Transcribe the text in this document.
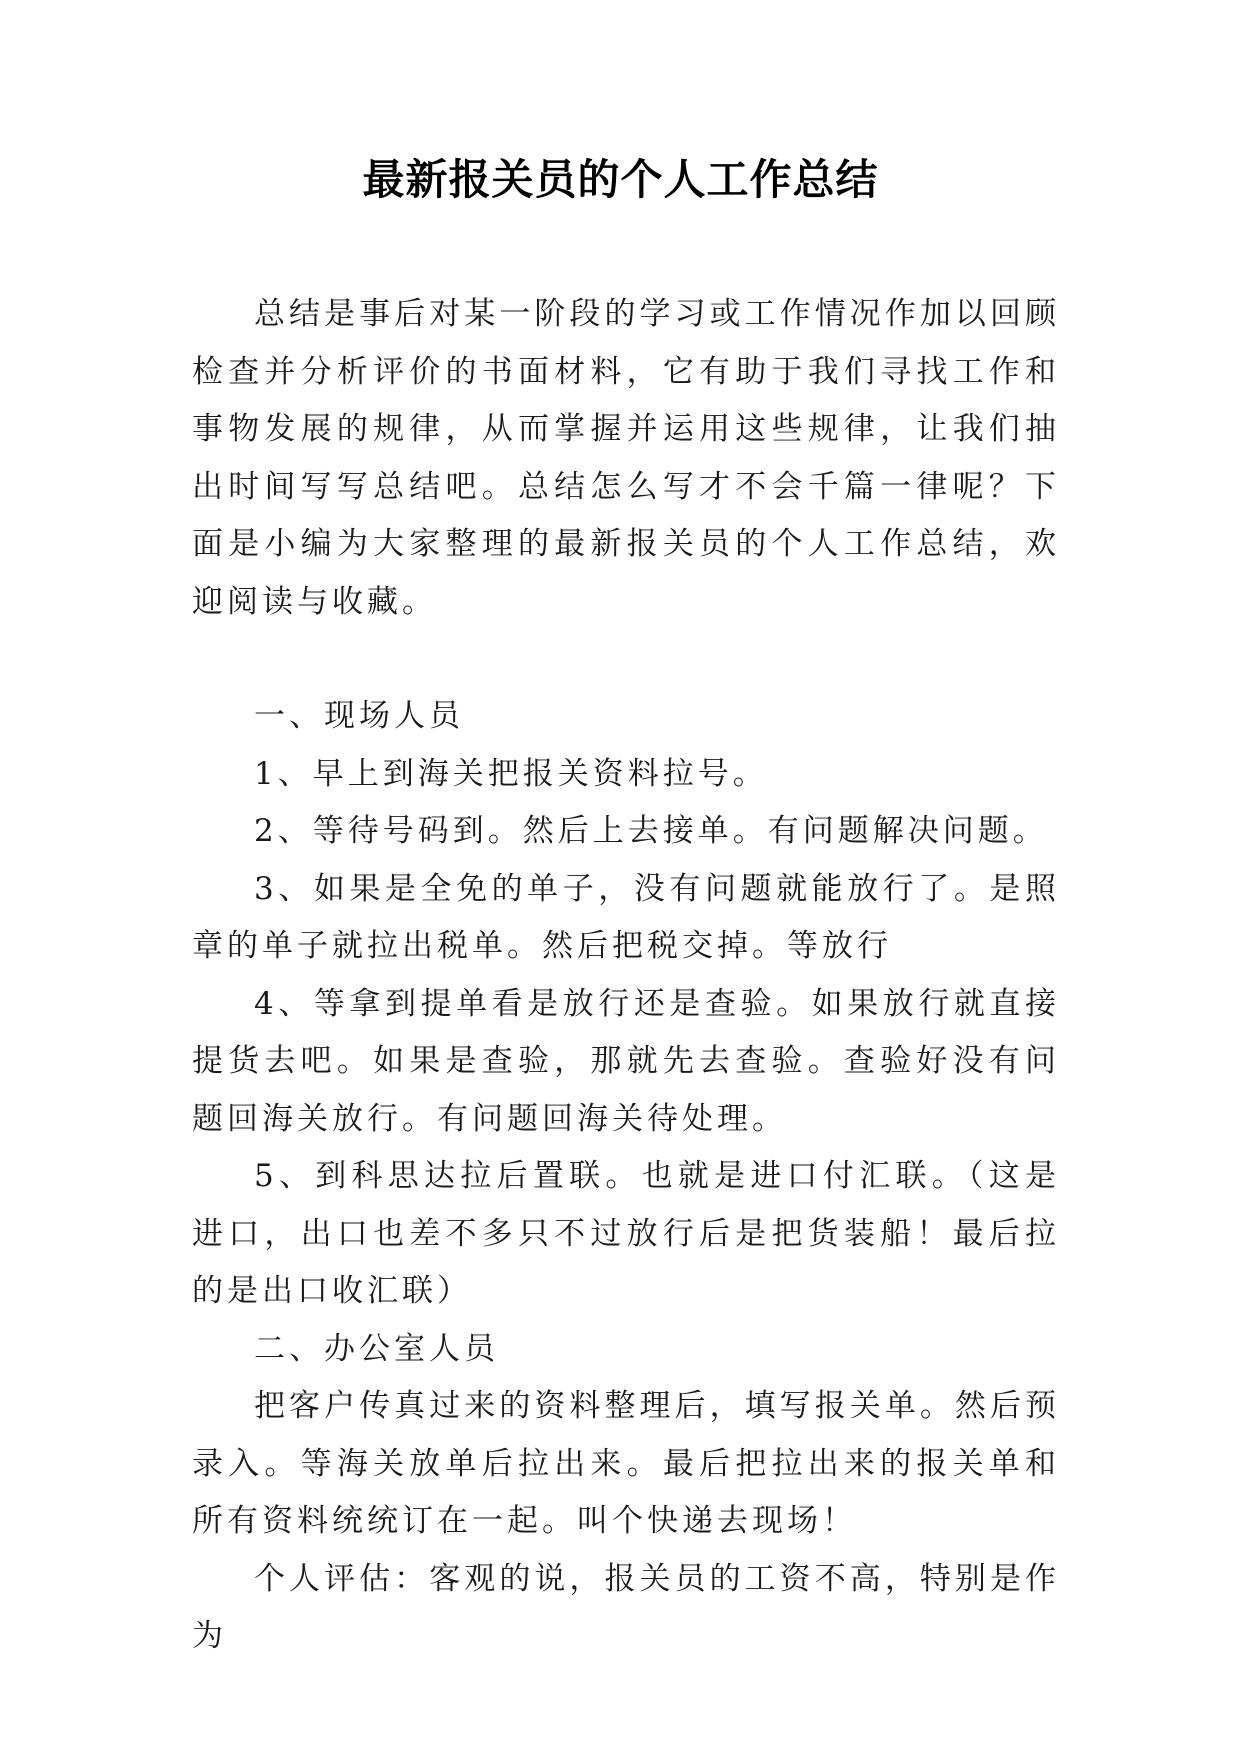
最新报关员的个人工作总结

总结是事后对某一阶段的学习或工作情况作加以回顾检查并分析评价的书面材料，它有助于我们寻找工作和事物发展的规律，从而掌握并运用这些规律，让我们抽出时间写写总结吧。总结怎么写才不会千篇一律呢？下面是小编为大家整理的最新报关员的个人工作总结，欢迎阅读与收藏。

一、现场人员

1、早上到海关把报关资料拉号。

2、等待号码到。然后上去接单。有问题解决问题。

3、如果是全免的单子，没有问题就能放行了。是照章的单子就拉出税单。然后把税交掉。等放行

4、等拿到提单看是放行还是查验。如果放行就直接提货去吧。如果是查验，那就先去查验。查验好没有问题回海关放行。有问题回海关待处理。

5、到科思达拉后置联。也就是进口付汇联。（这是进口，出口也差不多只不过放行后是把货装船！最后拉的是出口收汇联）

二、办公室人员

把客户传真过来的资料整理后，填写报关单。然后预录入。等海关放单后拉出来。最后把拉出来的报关单和所有资料统统订在一起。叫个快递去现场！

个人评估：客观的说，报关员的工资不高，特别是作为
